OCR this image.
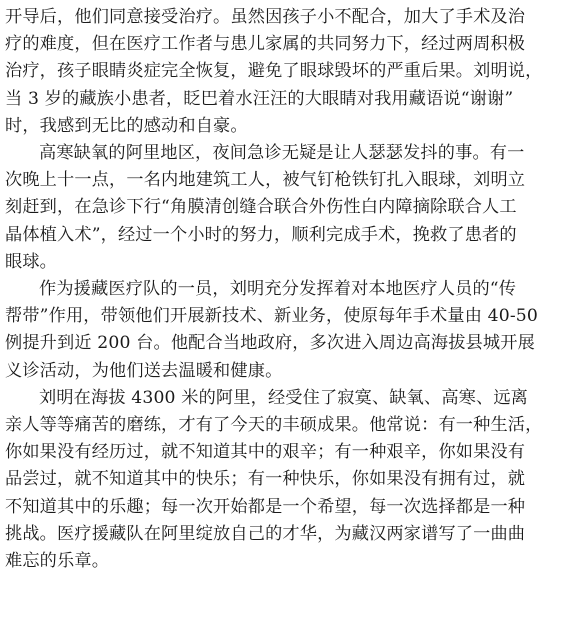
开导后，他们同意接受治疗。虽然因孩子小不配合，加大了手术及治
疗的难度，但在医疗工作者与患儿家属的共同努力下，经过两周积极
治疗，孩子眼睛炎症完全恢复，避免了眼球毁坏的严重后果。刘明说，
当 3 岁的藏族小患者，眨巴着水汪汪的大眼睛对我用藏语说“谢谢”
时，我感到无比的感动和自豪。

高寒缺氧的阿里地区，夜间急诊无疑是让人瑟瑟发抖的事。有一
次晚上十一点，一名内地建筑工人，被气钉枪铁钉扎入眼球，刘明立
刻赶到，在急诊下行“角膜清创缝合联合外伤性白内障摘除联合人工
晶体植入术”，经过一个小时的努力，顺利完成手术，挽救了患者的
眼球。

作为援藏医疗队的一员，刘明充分发挥着对本地医疗人员的“传
帮带”作用，带领他们开展新技术、新业务，使原每年手术量由 40-50
例提升到近 200 台。他配合当地政府，多次进入周边高海拔县城开展
义诊活动，为他们送去温暖和健康。

刘明在海拔 4300 米的阿里，经受住了寂寞、缺氧、高寒、远离
亲人等等痛苦的磨练，才有了今天的丰硕成果。他常说：有一种生活，
你如果没有经历过，就不知道其中的艰辛；有一种艰辛，你如果没有
品尝过，就不知道其中的快乐；有一种快乐，你如果没有拥有过，就
不知道其中的乐趣；每一次开始都是一个希望，每一次选择都是一种
挑战。医疗援藏队在阿里绽放自己的才华，为藏汉两家谱写了一曲曲
难忘的乐章。
